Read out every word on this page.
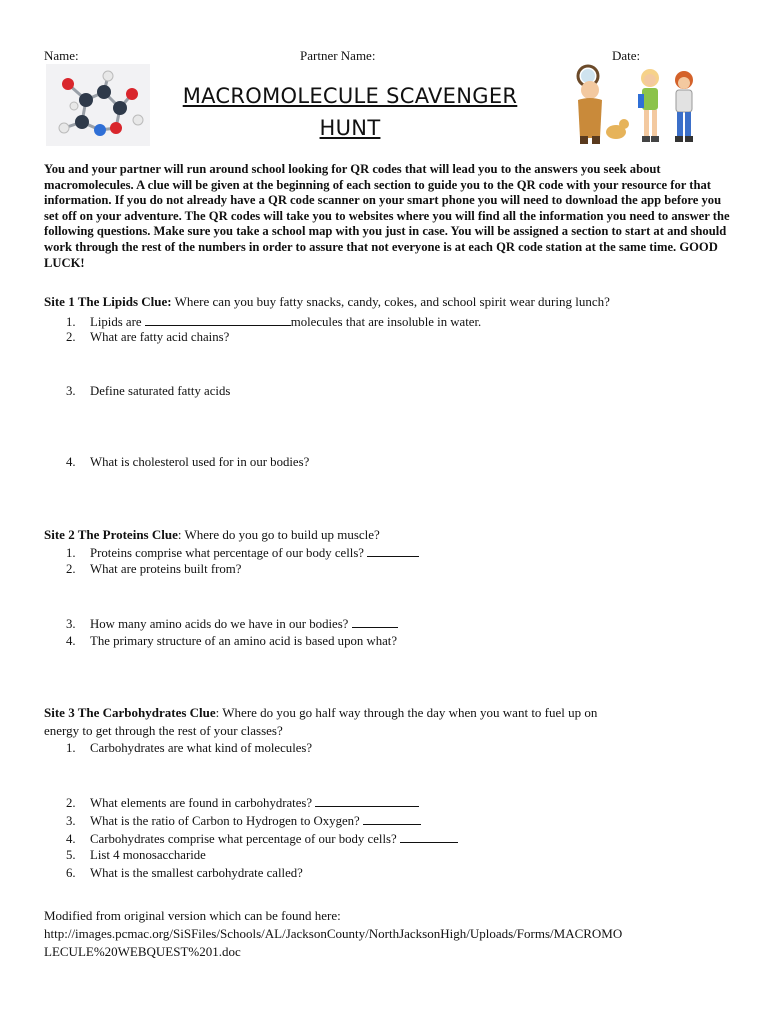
Name:	Partner Name:	Date:
MACROMOLECULE SCAVENGER
HUNT
You and your partner will run around school looking for QR codes that will lead you to the answers you seek about macromolecules. A clue will be given at the beginning of each section to guide you to the QR code with your resource for that information. If you do not already have a QR code scanner on your smart phone you will need to download the app before you set off on your adventure. The QR codes will take you to websites where you will find all the information you need to answer the following questions. Make sure you take a school map with you just in case. You will be assigned a section to start at and should work through the rest of the numbers in order to assure that not everyone is at each QR code station at the same time. GOOD LUCK!
Site 1 The Lipids Clue: Where can you buy fatty snacks, candy, cokes, and school spirit wear during lunch?
1. Lipids are	molecules that are insoluble in water.
2. What are fatty acid chains?
3. Define saturated fatty acids
4. What is cholesterol used for in our bodies?
Site 2 The Proteins Clue: Where do you go to build up muscle?
1. Proteins comprise what percentage of our body cells?
2. What are proteins built from?
3. How many amino acids do we have in our bodies?
4. The primary structure of an amino acid is based upon what?
Site 3 The Carbohydrates Clue: Where do you go half way through the day when you want to fuel up on
energy to get through the rest of your classes?
1. Carbohydrates are what kind of molecules?
2. What elements are found in carbohydrates?
3. What is the ratio of Carbon to Hydrogen to Oxygen?
4. Carbohydrates comprise what percentage of our body cells?
5. List 4 monosaccharide
6. What is the smallest carbohydrate called?
Modified from original version which can be found here:
http://images.pcmac.org/SiSFiles/Schools/AL/JacksonCounty/NorthJacksonHigh/Uploads/Forms/MACROMO
LECULE%20WEBQUEST%201.doc
